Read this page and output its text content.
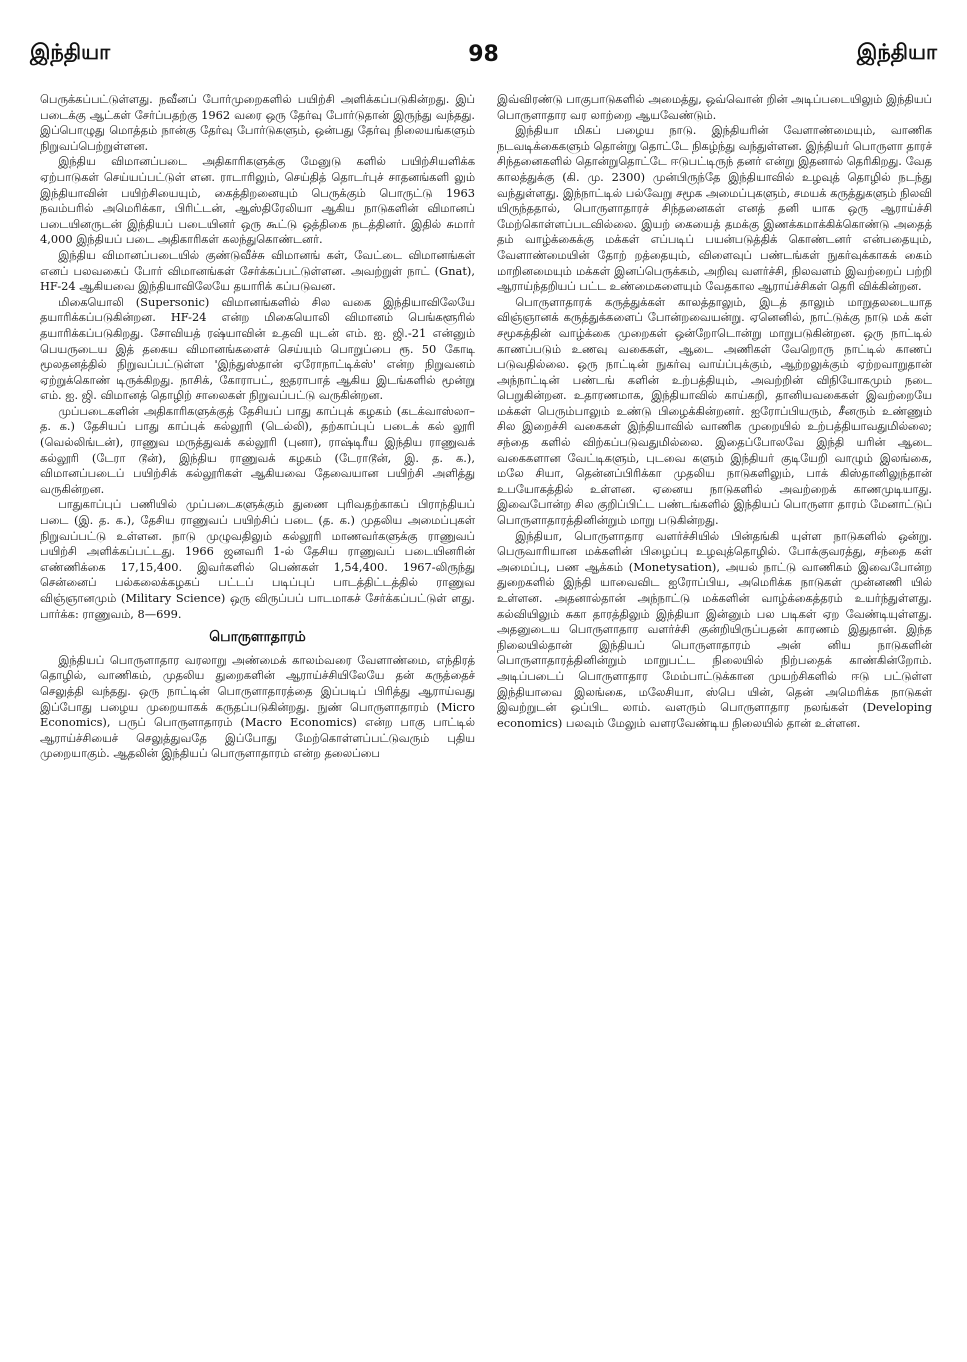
இந்தியா	98	இந்தியா

பெருக்கப்பட்டுள்ளது. நவீனப் போர்முறைகளில் பயிற்சி அளிக்கப்படுகின்றது. இப் படைக்கு ஆட்கள் சேர்ப்பதற்கு 1962 வரை ஒரு தேர்வு போர்டுதான் இருந்து வந்தது. இப்பொழுது மொத்தம் நான்கு தேர்வு போர்டுகளும், ஒன்பது தேர்வு நிலையங்களும் நிறுவப்பெற்றுள்ளன.

இந்திய விமானப்படை அதிகாரிகளுக்கு மேனுடு களில் பயிற்சியளிக்க ஏற்பாடுகள் செய்யப்பட்டுள் ளன. ராடாரிலும், செய்தித் தொடர்புச் சாதனங்களி லும் இந்தியாவின் பயிற்சியையும், கைத்திறனையும் பெருக்கும் பொருட்டு 1963 நவம்பரில் அமெரிக்கா, பிரிட்டன், ஆஸ்திரேலியா ஆகிய நாடுகளின் விமானப் படையினருடன் இந்தியப் படையினர் ஒரு கூட்டு ஒத்திகை நடத்தினர். இதில் சுமார் 4,000 இந்தியப் படை அதிகாரிகள் கலந்துகொண்டனர்.

இந்திய விமானப்படையில் குண்டுவீச்சு விமானங் கள், வேட்டை விமானங்கள் எனப் பலவகைப் போர் விமானங்கள் சேர்க்கப்பட்டுள்ளன. அவற்றுள் நாட் (Gnat), HF-24 ஆகியவை இந்தியாவிலேயே தயாரிக் கப்படுவன.

மிகையொலி (Supersonic) விமானங்களில் சில வகை இந்தியாவிலேயே தயாரிக்கப்படுகின்றன. HF-24 என்ற மிகையொலி விமானம் பெங்களூரில் தயாரிக்கப்படுகிறது. சோவியத் ரஷ்யாவின் உதவி யுடன் எம். ஐ. ஜி.-21 என்னும் பெயருடைய இத் தகைய விமானங்களைச் செய்யும் பொறுப்பை ரூ. 50 கோடி மூலதனத்தில் நிறுவப்பட்டுள்ள 'இந்துஸ்தான் ஏரோநாட்டிக்ஸ்' என்ற நிறுவனம் ஏற்றுக்கொண் டிருக்கிறது. நாசிக், கோராபட், ஐதராபாத் ஆகிய இடங்களில் மூன்று எம். ஐ. ஜி. விமானத் தொழிற் சாலைகள் நிறுவப்பட்டு வருகின்றன.

முப்படைகளின் அதிகாரிகளுக்குத் தேசியப் பாது காப்புக் கழகம் (கடக்வாஸ்லா–த. க.) தேசியப் பாது காப்புக் கல்லூரி (டெல்லி), தற்காப்புப் படைக் கல் லூரி (வெல்லிங்டன்), ராணுவ மருத்துவக் கல்லூரி (புனா), ராஷ்டிரீய இந்திய ராணுவக் கல்லூரி (டேரா டூன்), இந்திய ராணுவக் கழகம் (டேராடூன், இ. த. க.), விமானப்படைப் பயிற்சிக் கல்லூரிகள் ஆகியவை தேவையான பயிற்சி அளித்து வருகின்றன.

பாதுகாப்புப் பணியில் முப்படைகளுக்கும் துணை புரிவதற்காகப் பிராந்தியப் படை (இ. த. க.), தேசிய ராணுவப் பயிற்சிப் படை (த. க.) முதலிய அமைப்புகள் நிறுவப்பட்டு உள்ளன. நாடு முழுவதிலும் கல்லூரி மாணவர்களுக்கு ராணுவப் பயிற்சி அளிக்கப்பட்டது. 1966 ஜனவரி 1-ல் தேசிய ராணுவப் படையினரின் எண்ணிக்கை 17,15,400. இவர்களில் பெண்கள் 1,54,400. 1967-லிருந்து சென்னைப் பல்கலைக்கழகப் பட்டப் படிப்புப் பாடத்திட்டத்தில் ராணுவ விஞ்ஞானமும் (Military Science) ஒரு விருப்பப் பாடமாகச் சேர்க்கப்பட்டுள் ளது. பார்க்க: ராணுவம், 8—699.

பொருளாதாரம்

இந்தியப் பொருளாதார வரலாறு அண்மைக் காலம்வரை வேளாண்மை, எந்திரத் தொழில், வாணிகம், முதலிய துறைகளின் ஆராய்ச்சியிலேயே தன் கருத்தைச் செலுத்தி வந்தது. ஒரு நாட்டின் பொருளாதாரத்தை இப்படிப் பிரித்து ஆராய்வது இப்போது பழைய முறையாகக் கருதப்படுகின்றது. நுண் பொருளாதாரம் (Micro Economics), பருப் பொருளாதாரம் (Macro Economics) என்ற பாகு பாட்டில் ஆராய்ச்சியைச் செலுத்துவதே இப்போது மேற்கொள்ளப்பட்டுவரும் புதிய முறையாகும். ஆதலின் இந்தியப் பொருளாதாரம் என்ற தலைப்பை

இவ்விரண்டு பாகுபாடுகளில் அமைத்து, ஒவ்வொன் றின் அடிப்படையிலும் இந்தியப் பொருளாதார வர லாற்றை ஆயவேண்டும்.

இந்தியா மிகப் பழைய நாடு. இந்தியரின் வேளாண்மையும், வாணிக நடவடிக்கைகளும் தொன்று தொட்டே நிகழ்ந்து வந்துள்ளன. இந்தியர் பொருளா தாரச் சிந்தனைகளில் தொன்றுதொட்டே ஈடுபட்டிருந் தனர் என்று இதனால் தெரிகிறது. வேத காலத்துக்கு (கி. மு. 2300) முன்பிருந்தே இந்தியாவில் உழவுத் தொழில் நடந்து வந்துள்ளது. இந்நாட்டில் பல்வேறு சமூக அமைப்புகளும், சமயக் கருத்துகளும் நிலவி யிருந்ததால், பொருளாதாரச் சிந்தனைகள் எனத் தனி யாக ஒரு ஆராய்ச்சி மேற்கொள்ளப்படவில்லை. இயற் கையைத் தமக்கு இணக்கமாக்கிக்கொண்டு அதைத் தம் வாழ்க்கைக்கு மக்கள் எப்படிப் பயன்படுத்திக் கொண்டனர் என்பதையும், வேளாண்மையின் தோற் றத்தையும், விளைவுப் பண்டங்கள் நுகர்வுக்காகக் கைம் மாறினமையும் மக்கள் இனப்பெருக்கம், அறிவு வளர்ச்சி, நிலவளம் இவற்றைப் பற்றி ஆராய்ந்தறியப் பட்ட உண்மைகளையும் வேதகால ஆராய்ச்சிகள் தெரி விக்கின்றன.

பொருளாதாரக் கருத்துக்கள் காலத்தாலும், இடத் தாலும் மாறுதலடையாத விஞ்ஞானக் கருத்துக்களைப் போன்றவையன்று. ஏனெனில், நாட்டுக்கு நாடு மக் கள் சமூகத்தின் வாழ்க்கை முறைகள் ஒன்றோடொன்று மாறுபடுகின்றன. ஒரு நாட்டில் காணப்படும் உணவு வகைகள், ஆடை அணிகள் வேறொரு நாட்டில் காணப் படுவதில்லை. ஒரு நாட்டின் நுகர்வு வாய்ப்புக்கும், ஆற்றலுக்கும் ஏற்றவாறுதான் அந்நாட்டின் பண்டங் களின் உற்பத்தியும், அவற்றின் விநியோகமும் நடை பெறுகின்றன. உதாரணமாக, இந்தியாவில் காய்கறி, தானியவகைகள் இவற்றையே மக்கள் பெரும்பாலும் உண்டு பிழைக்கின்றனர். ஐரோப்பியரும், சீனரும் உண்ணும் சில இறைச்சி வகைகள் இந்தியாவில் வாணிக முறையில் உற்பத்தியாவதுமில்லை; சந்தை களில் விற்கப்படுவதுமில்லை. இதைப்போலவே இந்தி யரின் ஆடை வகைகளான வேட்டிகளும், புடவை களும் இந்தியர் குடியேறி வாழும் இலங்கை, மலே சியா, தென்னப்பிரிக்கா முதலிய நாடுகளிலும், பாக் கிஸ்தானிலுந்தான் உபயோகத்தில் உள்ளன. ஏனைய நாடுகளில் அவற்றைக் காணமுடியாது. இவைபோன்ற சில குறிப்பிட்ட பண்டங்களில் இந்தியப் பொருளா தாரம் மேனாட்டுப் பொருளாதாரத்தினின்றும் மாறு படுகின்றது.

இந்தியா, பொருளாதார வளர்ச்சியில் பின்தங்கி யுள்ள நாடுகளில் ஒன்று. பெருவாரியான மக்களின் பிழைப்பு உழவுத்தொழில். போக்குவரத்து, சந்தை கள் அமைப்பு, பண ஆக்கம் (Monetysation), அயல் நாட்டு வாணிகம் இவைபோன்ற துறைகளில் இந்தி யாவைவிட ஐரோப்பிய, அமெரிக்க நாடுகள் முன்னணி யில் உள்ளன. அதனால்தான் அந்நாட்டு மக்களின் வாழ்க்கைத்தரம் உயர்ந்துள்ளது. கல்வியிலும் சுகா தாரத்திலும் இந்தியா இன்னும் பல படிகள் ஏற வேண்டியுள்ளது. அதனுடைய பொருளாதார வளர்ச்சி குன்றியிருப்பதன் காரணம் இதுதான். இந்த நிலையில்தான் இந்தியப் பொருளாதாரம் அன் னிய நாடுகளின் பொருளாதாரத்தினின்றும் மாறுபட்ட நிலையில் நிற்பதைக் காண்கின்றோம். அடிப்படைப் பொருளாதார மேம்பாட்டுக்கான முயற்சிகளில் ஈடு பட்டுள்ள இந்தியாவை இலங்கை, மலேசியா, ஸ்பெ யின், தென் அமெரிக்க நாடுகள் இவற்றுடன் ஒப்பிட லாம். வளரும் பொருளாதார நலங்கள் (Developing economics) பலவும் மேலும் வளரவேண்டிய நிலையில் தான் உள்ளன.
